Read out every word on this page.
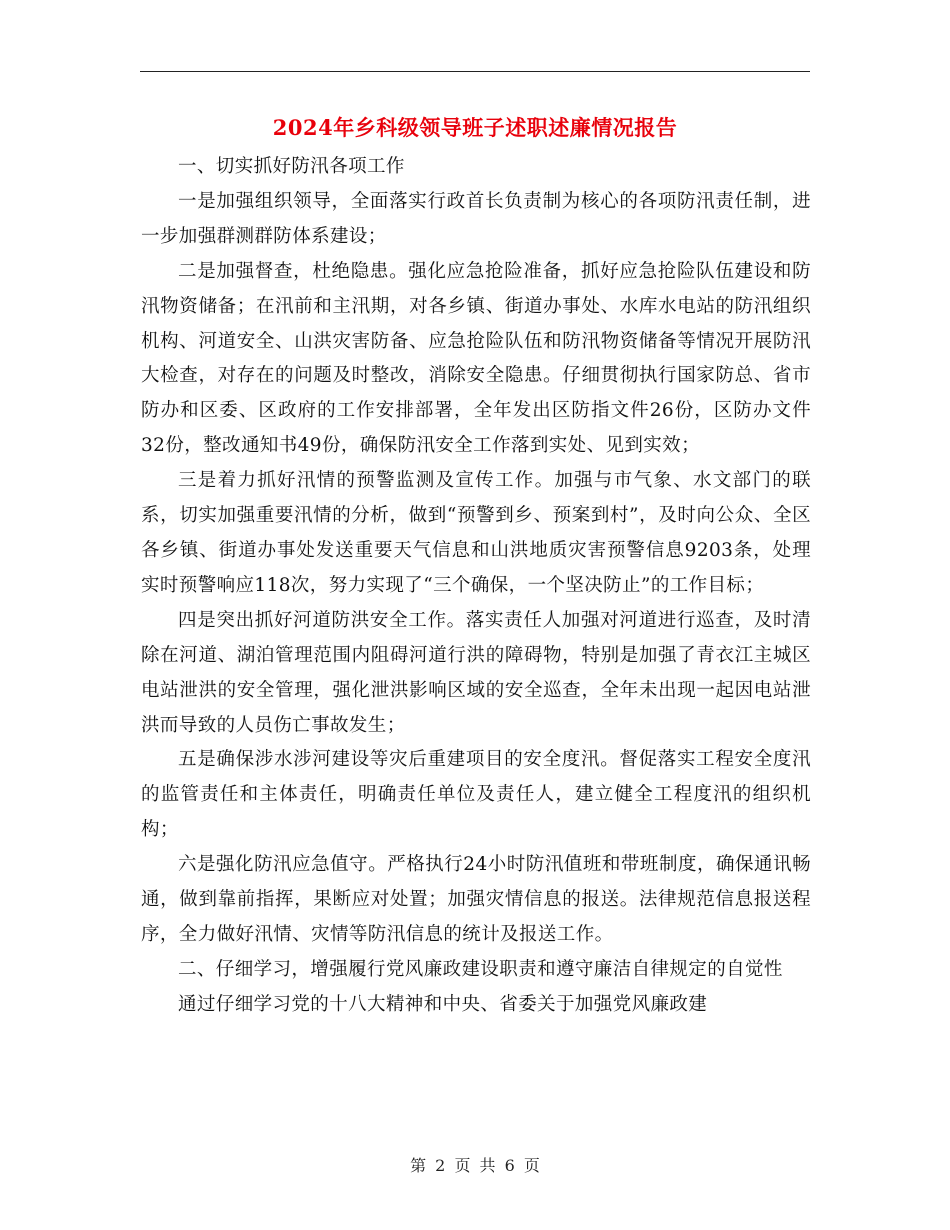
2024年乡科级领导班子述职述廉情况报告

一、切实抓好防汛各项工作

一是加强组织领导，全面落实行政首长负责制为核心的各项防汛责任制，进一步加强群测群防体系建设；

二是加强督查，杜绝隐患。强化应急抢险准备，抓好应急抢险队伍建设和防汛物资储备；在汛前和主汛期，对各乡镇、街道办事处、水库水电站的防汛组织机构、河道安全、山洪灾害防备、应急抢险队伍和防汛物资储备等情况开展防汛大检查，对存在的问题及时整改，消除安全隐患。仔细贯彻执行国家防总、省市防办和区委、区政府的工作安排部署，全年发出区防指文件26份，区防办文件32份，整改通知书49份，确保防汛安全工作落到实处、见到实效；

三是着力抓好汛情的预警监测及宣传工作。加强与市气象、水文部门的联系，切实加强重要汛情的分析，做到“预警到乡、预案到村”，及时向公众、全区各乡镇、街道办事处发送重要天气信息和山洪地质灾害预警信息9203条，处理实时预警响应118次，努力实现了“三个确保，一个坚决防止”的工作目标；

四是突出抓好河道防洪安全工作。落实责任人加强对河道进行巡查，及时清除在河道、湖泊管理范围内阻碍河道行洪的障碍物，特别是加强了青衣江主城区电站泄洪的安全管理，强化泄洪影响区域的安全巡查，全年未出现一起因电站泄洪而导致的人员伤亡事故发生；

五是确保涉水涉河建设等灾后重建项目的安全度汛。督促落实工程安全度汛的监管责任和主体责任，明确责任单位及责任人，建立健全工程度汛的组织机构；

六是强化防汛应急值守。严格执行24小时防汛值班和带班制度，确保通讯畅通，做到靠前指挥，果断应对处置；加强灾情信息的报送。法律规范信息报送程序，全力做好汛情、灾情等防汛信息的统计及报送工作。

二、仔细学习，增强履行党风廉政建设职责和遵守廉洁自律规定的自觉性

通过仔细学习党的十八大精神和中央、省委关于加强党风廉政建

第 2 页 共 6 页
